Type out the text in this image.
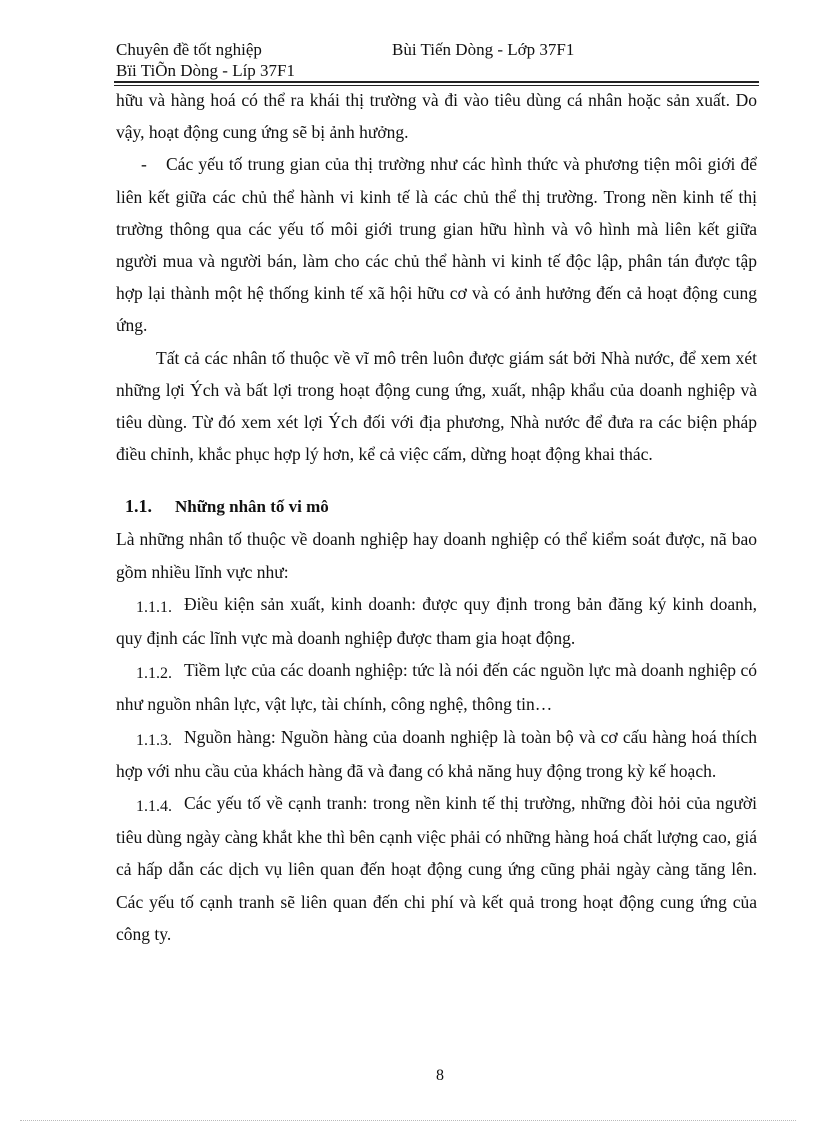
Chuyên đề tốt nghiệp	Bùi Tiến Dòng - Lớp 37F1
Bïi TiÕn Dòng - Líp 37F1

hữu và hàng hoá có thể ra khái thị trường và đi vào tiêu dùng cá nhân hoặc sản xuất. Do vậy, hoạt động cung ứng sẽ bị ảnh hưởng.

- Các yếu tố trung gian của thị trường như các hình thức và phương tiện môi giới để liên kết giữa các chủ thể hành vi kinh tế là các chủ thể thị trường. Trong nền kinh tế thị trường thông qua các yếu tố môi giới trung gian hữu hình và vô hình mà liên kết giữa người mua và người bán, làm cho các chủ thể hành vi kinh tế độc lập, phân tán được tập hợp lại thành một hệ thống kinh tế xã hội hữu cơ và có ảnh hưởng đến cả hoạt động cung ứng.

Tất cả các nhân tố thuộc về vĩ mô trên luôn được giám sát bởi Nhà nước, để xem xét những lợi Ých và bất lợi trong hoạt động cung ứng, xuất, nhập khẩu của doanh nghiệp và tiêu dùng. Từ đó xem xét lợi Ých đối với địa phương, Nhà nước để đưa ra các biện pháp điều chỉnh, khắc phục hợp lý hơn, kể cả việc cấm, dừng hoạt động khai thác.

1.1. Những nhân tố vi mô

Là những nhân tố thuộc về doanh nghiệp hay doanh nghiệp có thể kiểm soát được, nã bao gồm nhiều lĩnh vực như:

1.1.1. Điều kiện sản xuất, kinh doanh: được quy định trong bản đăng ký kinh doanh, quy định các lĩnh vực mà doanh nghiệp được tham gia hoạt động.

1.1.2. Tiềm lực của các doanh nghiệp: tức là nói đến các nguồn lực mà doanh nghiệp có như nguồn nhân lực, vật lực, tài chính, công nghệ, thông tin…

1.1.3. Nguồn hàng: Nguồn hàng của doanh nghiệp là toàn bộ và cơ cấu hàng hoá thích hợp với nhu cầu của khách hàng đã và đang có khả năng huy động trong kỳ kế hoạch.

1.1.4. Các yếu tố về cạnh tranh: trong nền kinh tế thị trường, những đòi hỏi của người tiêu dùng ngày càng khắt khe thì bên cạnh việc phải có những hàng hoá chất lượng cao, giá cả hấp dẫn các dịch vụ liên quan đến hoạt động cung ứng cũng phải ngày càng tăng lên. Các yếu tố cạnh tranh sẽ liên quan đến chi phí và kết quả trong hoạt động cung ứng của công ty.

8
